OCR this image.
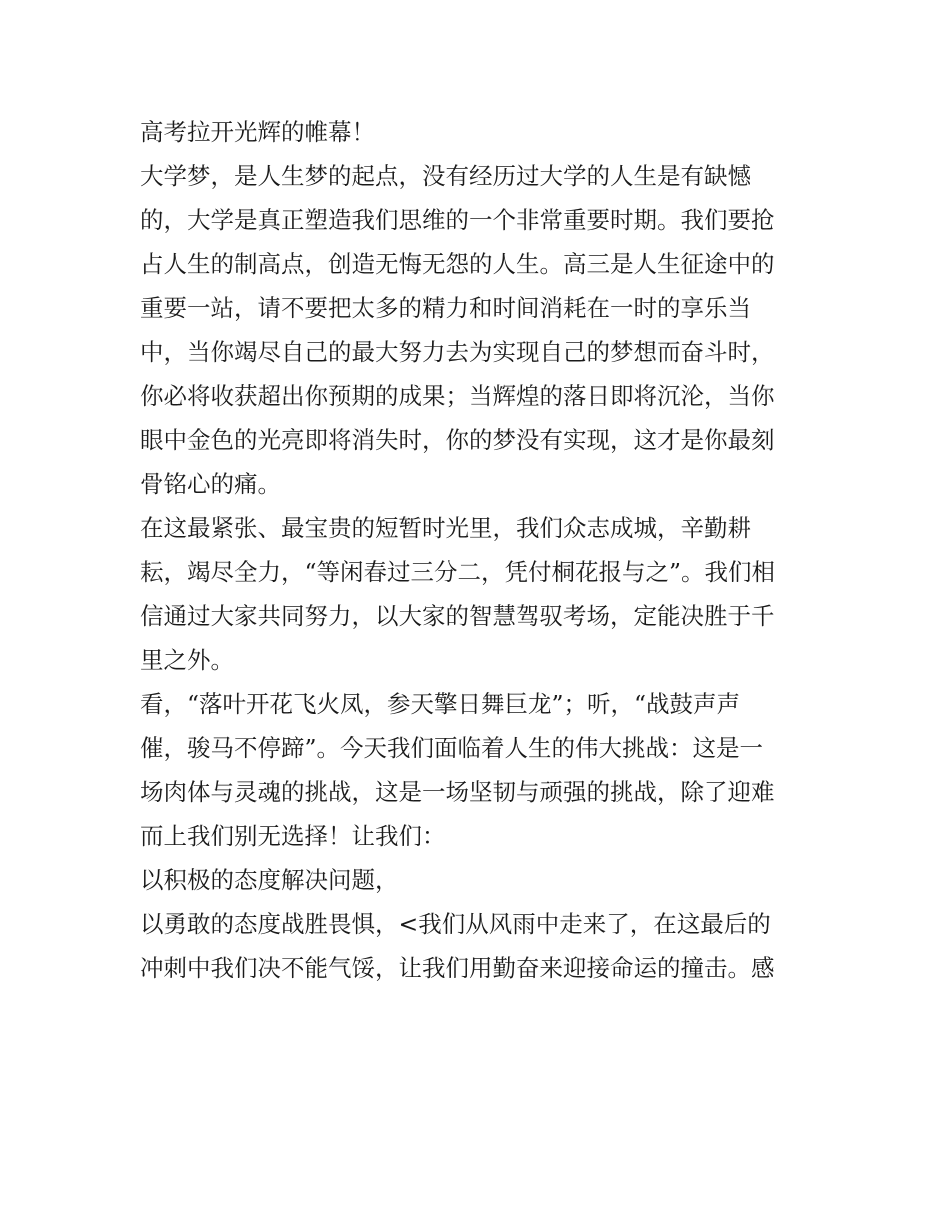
高考拉开光辉的帷幕！
大学梦，是人生梦的起点，没有经历过大学的人生是有缺憾
的，大学是真正塑造我们思维的一个非常重要时期。我们要抢
占人生的制高点，创造无悔无怨的人生。高三是人生征途中的
重要一站，请不要把太多的精力和时间消耗在一时的享乐当
中，当你竭尽自己的最大努力去为实现自己的梦想而奋斗时，
你必将收获超出你预期的成果；当辉煌的落日即将沉沦，当你
眼中金色的光亮即将消失时，你的梦没有实现，这才是你最刻
骨铭心的痛。
在这最紧张、最宝贵的短暂时光里，我们众志成城，辛勤耕
耘，竭尽全力，“等闲春过三分二，凭付桐花报与之”。我们相
信通过大家共同努力，以大家的智慧驾驭考场，定能决胜于千
里之外。
看，“落叶开花飞火凤，参天擎日舞巨龙”；听，“战鼓声声
催，骏马不停蹄”。今天我们面临着人生的伟大挑战：这是一
场肉体与灵魂的挑战，这是一场坚韧与顽强的挑战，除了迎难
而上我们别无选择！让我们：
以积极的态度解决问题，
以勇敢的态度战胜畏惧，<我们从风雨中走来了，在这最后的
冲刺中我们决不能气馁，让我们用勤奋来迎接命运的撞击。感
